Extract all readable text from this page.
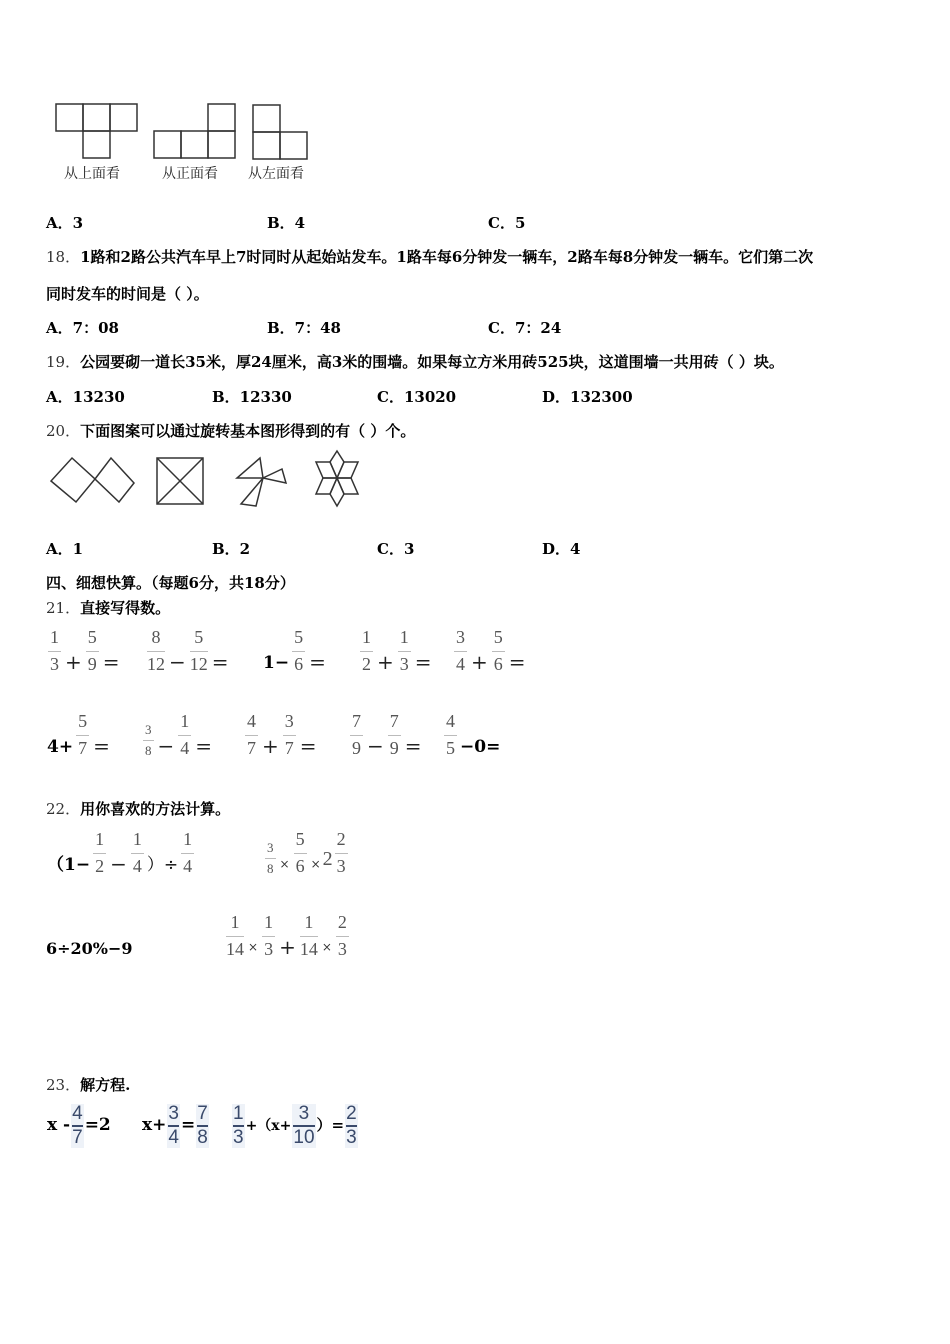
从上面看	从正面看 从左面看
A．3	B．4	C．5
18．1路和2路公共汽车早上7时同时从起始站发车。1路车每6分钟发一辆车，2路车每8分钟发一辆车。它们第二次
同时发车的时间是（ ）。
A．7：08	B．7：48	C．7：24
19．公园要砌一道长35米，厚24厘米，高3米的围墙。如果每立方米用砖525块，这道围墙一共用砖（ ）块。
A．13230	B．12330	C．13020	D．132300
20．下面图案可以通过旋转基本图形得到的有（ ）个。
A．1	B．2	C．3	D．4
四、细想快算。（每题6分，共18分）
21．直接写得数。
$\frac{1}{3} + \frac{5}{9} = \frac{8}{12} - \frac{5}{12} = 1- \frac{5}{6} = \frac{1}{2} + \frac{1}{3} = \frac{3}{4} + \frac{5}{6}$ =
$4+ \frac{5}{7}$ =	$\frac{3}{8} - \frac{1}{4} = \frac{4}{7} + \frac{3}{7} = \frac{7}{9} - \frac{7}{9} = \frac{4}{5} -0=$
22．用你喜欢的方法计算。
（$1- \frac{1}{2} - \frac{1}{4}$ ）÷ $\frac{1}{4}$	$\frac{3}{8} \times \frac{5}{6} \times 2 \frac{2}{3}$
6÷20%−9	$\frac{1}{14} \times \frac{1}{3} + \frac{1}{14} \times \frac{2}{3}$
23．解方程.
x -
4
7
=2 x+
3
4
=
7
8
1
3
+（x+
3
10
）=
2
3
